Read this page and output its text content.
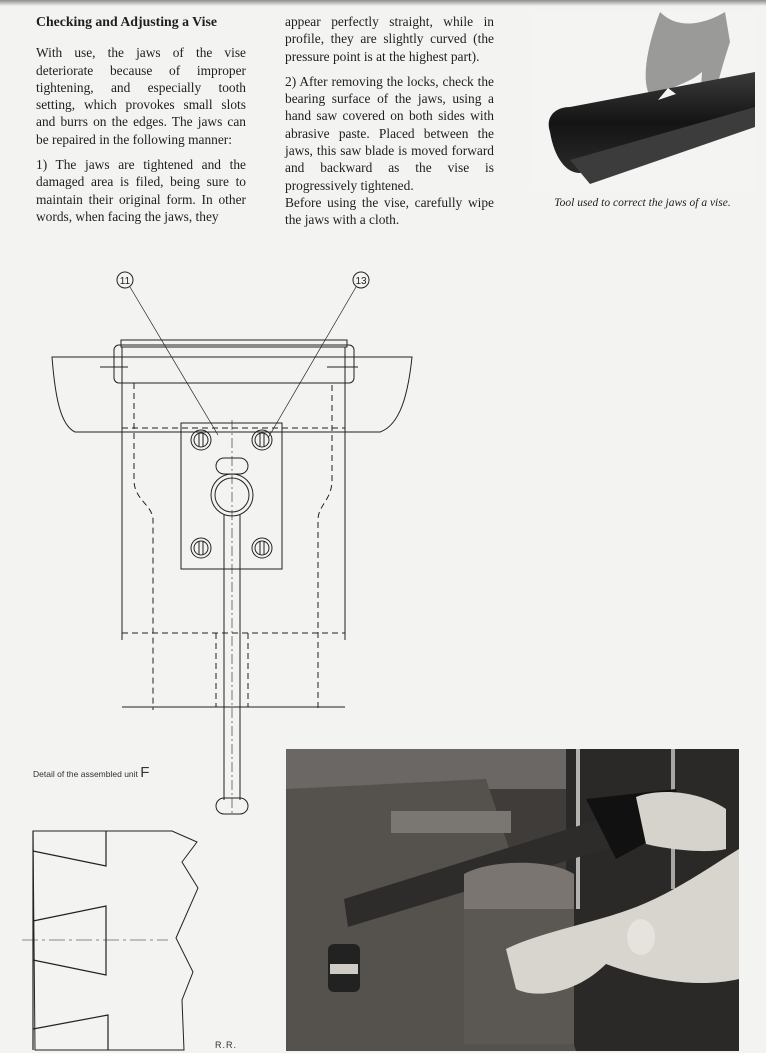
Checking and Adjusting a Vise

With use, the jaws of the vise deteriorate because of improper tightening, and especially tooth setting, which provokes small slots and burrs on the edges. The jaws can be repaired in the following manner:

1) The jaws are tightened and the damaged area is filed, being sure to maintain their original form. In other words, when facing the jaws, they

appear perfectly straight, while in profile, they are slightly curved (the pressure point is at the highest part).

2) After removing the locks, check the bearing surface of the jaws, using a hand saw covered on both sides with abrasive paste. Placed between the jaws, this saw blade is moved forward and backward as the vise is progressively tightened.

Before using the vise, carefully wipe the jaws with a cloth.

Tool used to correct the jaws of a vise.
11	13
Detail of the assembled unit F
R.R.
